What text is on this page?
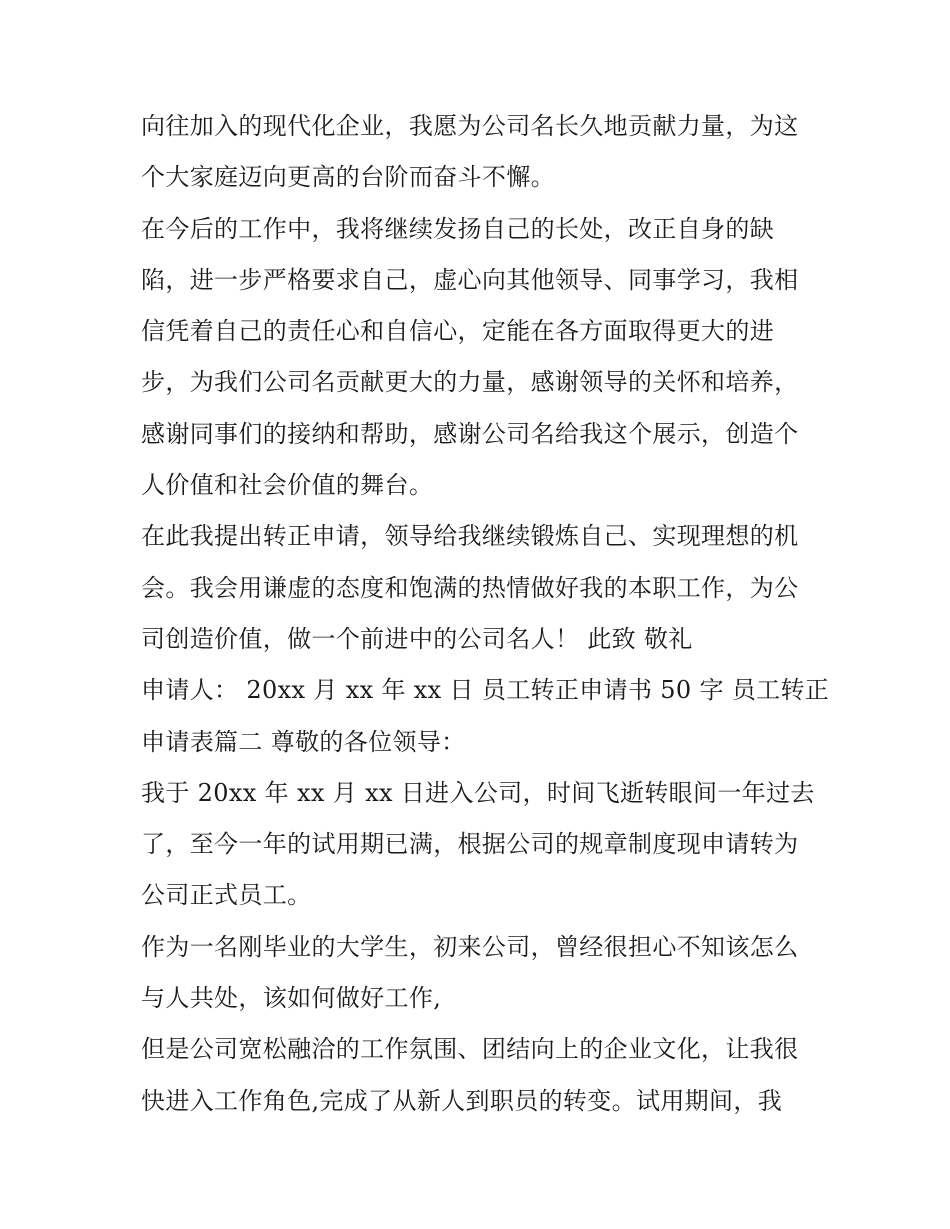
向往加入的现代化企业，我愿为公司名长久地贡献力量，为这
个大家庭迈向更高的台阶而奋斗不懈。
在今后的工作中，我将继续发扬自己的长处，改正自身的缺
陷，进一步严格要求自己，虚心向其他领导、同事学习，我相
信凭着自己的责任心和自信心，定能在各方面取得更大的进
步，为我们公司名贡献更大的力量，感谢领导的关怀和培养，
感谢同事们的接纳和帮助，感谢公司名给我这个展示，创造个
人价值和社会价值的舞台。
在此我提出转正申请，领导给我继续锻炼自己、实现理想的机
会。我会用谦虚的态度和饱满的热情做好我的本职工作，为公
司创造价值，做一个前进中的公司名人！ 此致 敬礼
申请人： 20xx 月 xx 年 xx 日 员工转正申请书 50 字 员工转正
申请表篇二 尊敬的各位领导：
我于 20xx 年 xx 月 xx 日进入公司，时间飞逝转眼间一年过去
了，至今一年的试用期已满，根据公司的规章制度现申请转为
公司正式员工。
作为一名刚毕业的大学生，初来公司，曾经很担心不知该怎么
与人共处，该如何做好工作,
但是公司宽松融洽的工作氛围、团结向上的企业文化，让我很
快进入工作角色,完成了从新人到职员的转变。试用期间，我
